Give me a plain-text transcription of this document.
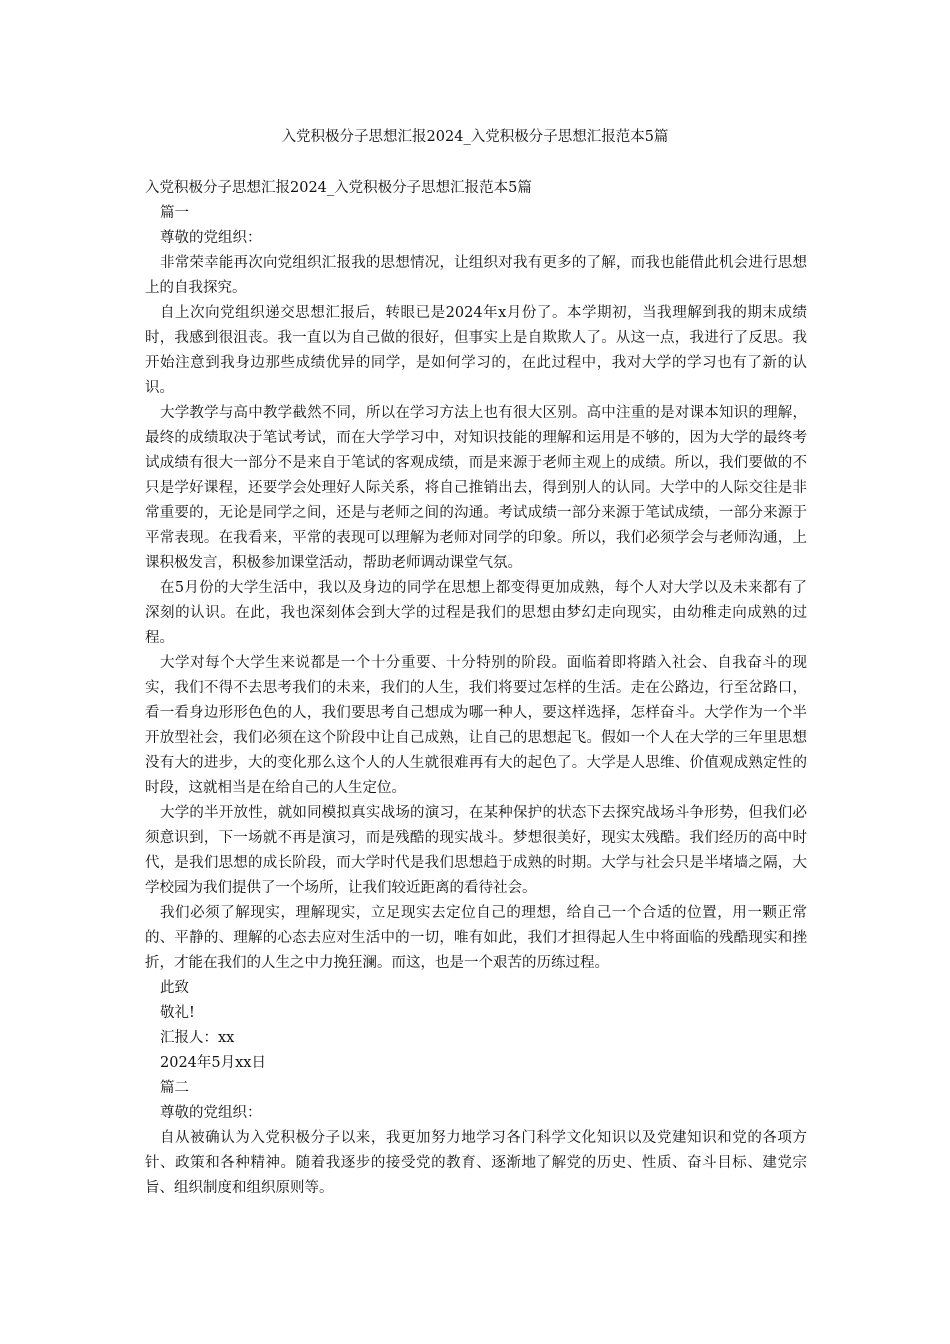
入党积极分子思想汇报2024_入党积极分子思想汇报范本5篇

入党积极分子思想汇报2024_入党积极分子思想汇报范本5篇

篇一

尊敬的党组织：

非常荣幸能再次向党组织汇报我的思想情况，让组织对我有更多的了解，而我也能借此机会进行思想上的自我探究。

自上次向党组织递交思想汇报后，转眼已是2024年x月份了。本学期初，当我理解到我的期末成绩时，我感到很沮丧。我一直以为自己做的很好，但事实上是自欺欺人了。从这一点，我进行了反思。我开始注意到我身边那些成绩优异的同学，是如何学习的，在此过程中，我对大学的学习也有了新的认识。

大学教学与高中教学截然不同，所以在学习方法上也有很大区别。高中注重的是对课本知识的理解，最终的成绩取决于笔试考试，而在大学学习中，对知识技能的理解和运用是不够的，因为大学的最终考试成绩有很大一部分不是来自于笔试的客观成绩，而是来源于老师主观上的成绩。所以，我们要做的不只是学好课程，还要学会处理好人际关系，将自己推销出去，得到别人的认同。大学中的人际交往是非常重要的，无论是同学之间，还是与老师之间的沟通。考试成绩一部分来源于笔试成绩，一部分来源于平常表现。在我看来，平常的表现可以理解为老师对同学的印象。所以，我们必须学会与老师沟通，上课积极发言，积极参加课堂活动，帮助老师调动课堂气氛。

在5月份的大学生活中，我以及身边的同学在思想上都变得更加成熟，每个人对大学以及未来都有了深刻的认识。在此，我也深刻体会到大学的过程是我们的思想由梦幻走向现实，由幼稚走向成熟的过程。

大学对每个大学生来说都是一个十分重要、十分特别的阶段。面临着即将踏入社会、自我奋斗的现实，我们不得不去思考我们的未来，我们的人生，我们将要过怎样的生活。走在公路边，行至岔路口，看一看身边形形色色的人，我们要思考自己想成为哪一种人，要这样选择，怎样奋斗。大学作为一个半开放型社会，我们必须在这个阶段中让自己成熟，让自己的思想起飞。假如一个人在大学的三年里思想没有大的进步，大的变化那么这个人的人生就很难再有大的起色了。大学是人思维、价值观成熟定性的时段，这就相当是在给自己的人生定位。

大学的半开放性，就如同模拟真实战场的演习，在某种保护的状态下去探究战场斗争形势，但我们必须意识到，下一场就不再是演习，而是残酷的现实战斗。梦想很美好，现实太残酷。我们经历的高中时代，是我们思想的成长阶段，而大学时代是我们思想趋于成熟的时期。大学与社会只是半堵墙之隔，大学校园为我们提供了一个场所，让我们较近距离的看待社会。

我们必须了解现实，理解现实，立足现实去定位自己的理想，给自己一个合适的位置，用一颗正常的、平静的、理解的心态去应对生活中的一切，唯有如此，我们才担得起人生中将面临的残酷现实和挫折，才能在我们的人生之中力挽狂澜。而这，也是一个艰苦的历练过程。

此致

敬礼!

汇报人：xx

2024年5月xx日

篇二

尊敬的党组织：

自从被确认为入党积极分子以来，我更加努力地学习各门科学文化知识以及党建知识和党的各项方针、政策和各种精神。随着我逐步的接受党的教育、逐渐地了解党的历史、性质、奋斗目标、建党宗旨、组织制度和组织原则等。
